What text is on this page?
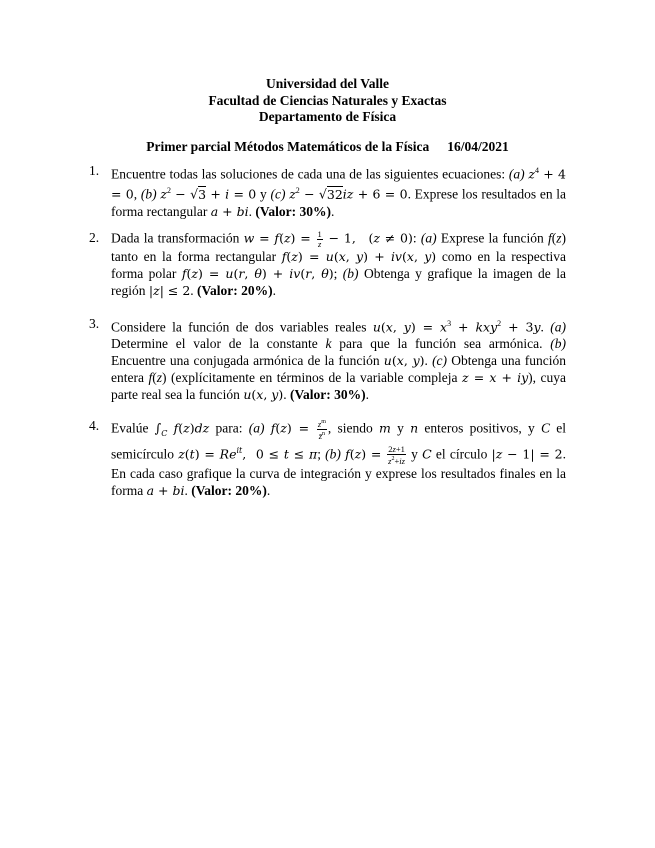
Universidad del Valle
Facultad de Ciencias Naturales y Exactas
Departamento de Física
Primer parcial Métodos Matemáticos de la Física 16/04/2021
1. Encuentre todas las soluciones de cada una de las siguientes ecuaciones: (a) $z^4 + 4 = 0$, (b) $z^2 - √3 + i = 0$ y (c) $z^2 - √32iz + 6 = 0$. Exprese los resultados en la forma rectangular a + bi. (Valor: 30%).
2. Dada la transformación $w = f(z) = \frac{1}{z} - 1$, (z ≠ 0): (a) Exprese la función f(z) tanto en la forma rectangular f(z) = u(x, y) + iv(x, y) como en la respectiva forma polar f(z) = u(r, θ) + iv(r, θ); (b) Obtenga y grafique la imagen de la región |z| ≤ 2. (Valor: 20%).
3. Considere la función de dos variables reales u(x, $y) = x^3 + kxy^2 + 3y$. (a) Determine el valor de la constante k para que la función sea armónica. (b) Encuentre una conjugada armónica de la función u(x, y). (c) Obtenga una función entera f(z) (explícitamente en términos de la variable compleja z = x + iy), cuya parte real sea la función u(x, y). (Valor: 30%).
4. Evalúe $\int_C$ f(z)dz para: (a) $f(z) = \frac{z^m}{z̄^n}$ , siendo m y n enteros positivos, y C el semicírculo $z(t) = Re^{it}$,  0 ≤ t ≤ π; (b) $f(z) = \frac{2z+1}{z^2+iz}$ y C el círculo |z − 1| = 2. En cada caso grafique la curva de integración y exprese los resultados finales en la forma a + bi. (Valor: 20%).
